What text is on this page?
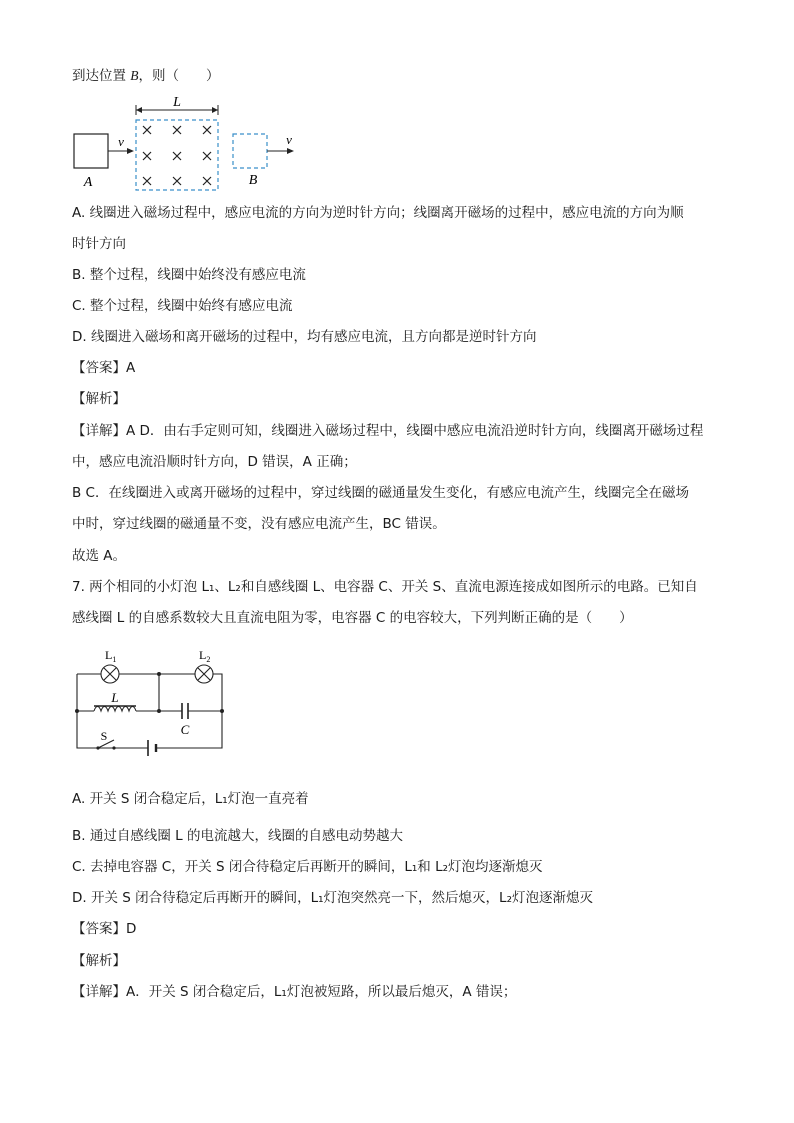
到达位置 B，则（　　）
L
v
A
v
B
A. 线圈进入磁场过程中，感应电流的方向为逆时针方向；线圈离开磁场的过程中，感应电流的方向为顺
时针方向
B. 整个过程，线圈中始终没有感应电流
C. 整个过程，线圈中始终有感应电流
D. 线圈进入磁场和离开磁场的过程中，均有感应电流，且方向都是逆时针方向
【答案】A
【解析】
【详解】A D．由右手定则可知，线圈进入磁场过程中，线圈中感应电流沿逆时针方向，线圈离开磁场过程
中，感应电流沿顺时针方向，D 错误，A 正确；
B C．在线圈进入或离开磁场的过程中，穿过线圈的磁通量发生变化，有感应电流产生，线圈完全在磁场
中时，穿过线圈的磁通量不变，没有感应电流产生，BC 错误。
故选 A。
7. 两个相同的小灯泡 L₁、L₂和自感线圈 L、电容器 C、开关 S、直流电源连接成如图所示的电路。已知自
感线圈 L 的自感系数较大且直流电阻为零，电容器 C 的电容较大，下列判断正确的是（　　）
$L_1$	$L_2$
L
C
S
A. 开关 S 闭合稳定后，L₁灯泡一直亮着
B. 通过自感线圈 L 的电流越大，线圈的自感电动势越大
C. 去掉电容器 C，开关 S 闭合待稳定后再断开的瞬间，L₁和 L₂灯泡均逐渐熄灭
D. 开关 S 闭合待稳定后再断开的瞬间，L₁灯泡突然亮一下，然后熄灭，L₂灯泡逐渐熄灭
【答案】D
【解析】
【详解】A．开关 S 闭合稳定后，L₁灯泡被短路，所以最后熄灭，A 错误；
